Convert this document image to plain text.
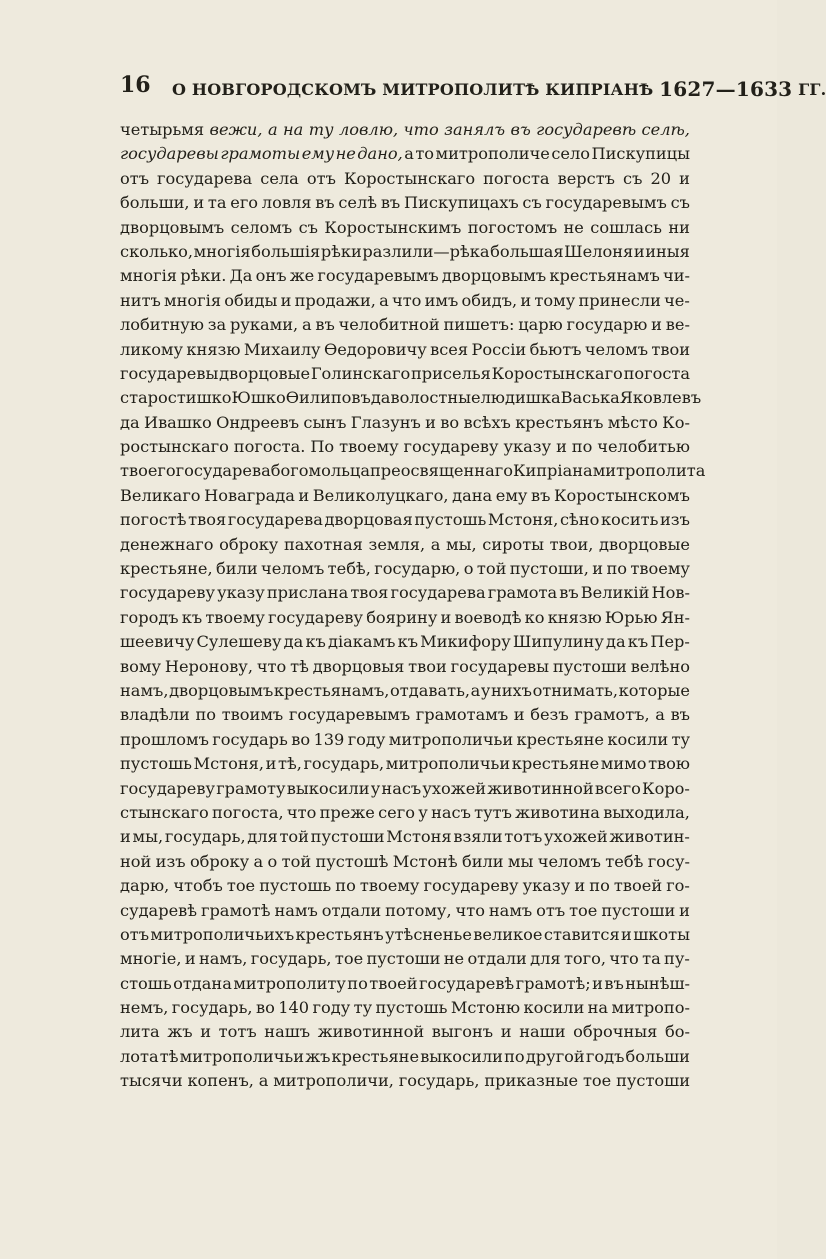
16 О НОВГОРОДСКОМЪ МИТРОПОЛИТѢ КИПРІАНѢ 1627—1633 ГГ.
четырьмя вежи, а на ту ловлю, что занялъ въ государевѣ селѣ,
государевы грамоты ему не дано, а то митрополиче село Пискупицы
отъ государева села отъ Коростынскаго погоста верстъ съ 20 и
больши, и та его ловля въ селѣ въ Пискупицахъ съ государевымъ съ
дворцовымъ селомъ съ Коростынскимъ погостомъ не сошлась ни
сколько, многія большія рѣки разлили—рѣка большая Шелоня и иныя
многія рѣки. Да онъ же государевымъ дворцовымъ крестьянамъ чи-
нитъ многія обиды и продажи, а что имъ обидъ, и тому принесли че-
лобитную за руками, а въ челобитной пишетъ: царю государю и ве-
ликому князю Михаилу Ѳедоровичу всея Россіи бьютъ челомъ твои
государевы дворцовые Голинскаго приселья Коростынскаго погоста
старостишко Юшко Ѳилиповъ да волостные людишка Васька Яковлевъ
да Ивашко Ондреевъ сынъ Глазунъ и во всѣхъ крестьянъ мѣсто Ко-
ростынскаго погоста. По твоему государеву указу и по челобитью
твоего государева богомольца преосвященнаго Кипріана митрополита
Великаго Новаграда и Великолуцкаго, дана ему въ Коростынскомъ
погостѣ твоя государева дворцовая пустошь Мстоня, сѣно косить изъ
денежнаго оброку пахотная земля, а мы, сироты твои, дворцовые
крестьяне, били челомъ тебѣ, государю, о той пустоши, и по твоему
государеву указу прислана твоя государева грамота въ Великій Нов-
городъ къ твоему государеву боярину и воеводѣ ко князю Юрью Ян-
шеевичу Сулешеву да къ діакамъ къ Микифору Шипулину да къ Пер-
вому Неронову, что тѣ дворцовыя твои государевы пустоши велѣно
намъ, дворцовымъ крестьянамъ, отдавать, а у нихъ отнимать, которые
владѣли по твоимъ государевымъ грамотамъ и безъ грамотъ, а въ
прошломъ государь во 139 году митрополичьи крестьяне косили ту
пустошь Мстоня, и тѣ, государь, митрополичьи крестьяне мимо твою
государеву грамоту выкосили у насъ ухожей животинной всего Коро-
стынскаго погоста, что преже сего у насъ тутъ животина выходила,
и мы, государь, для той пустоши Мстоня взяли тотъ ухожей животин-
ной изъ оброку а о той пустошѣ Мстонѣ били мы челомъ тебѣ госу-
дарю, чтобъ тое пустошь по твоему государеву указу и по твоей го-
сударевѣ грамотѣ намъ отдали потому, что намъ отъ тое пустоши и
отъ митрополичьихъ крестьянъ утѣсненье великое ставится и шкоты
многіе, и намъ, государь, тое пустоши не отдали для того, что та пу-
стошь отдана митрополиту по твоей государевѣ грамотѣ; и въ нынѣш-
немъ, государь, во 140 году ту пустошь Мстоню косили на митропо-
лита жъ и тотъ нашъ животинной выгонъ и наши оброчныя бо-
лота тѣ митрополичьи жъ крестьяне выкосили по другой годъ больши
тысячи копенъ, а митрополичи, государь, приказные тое пустоши
